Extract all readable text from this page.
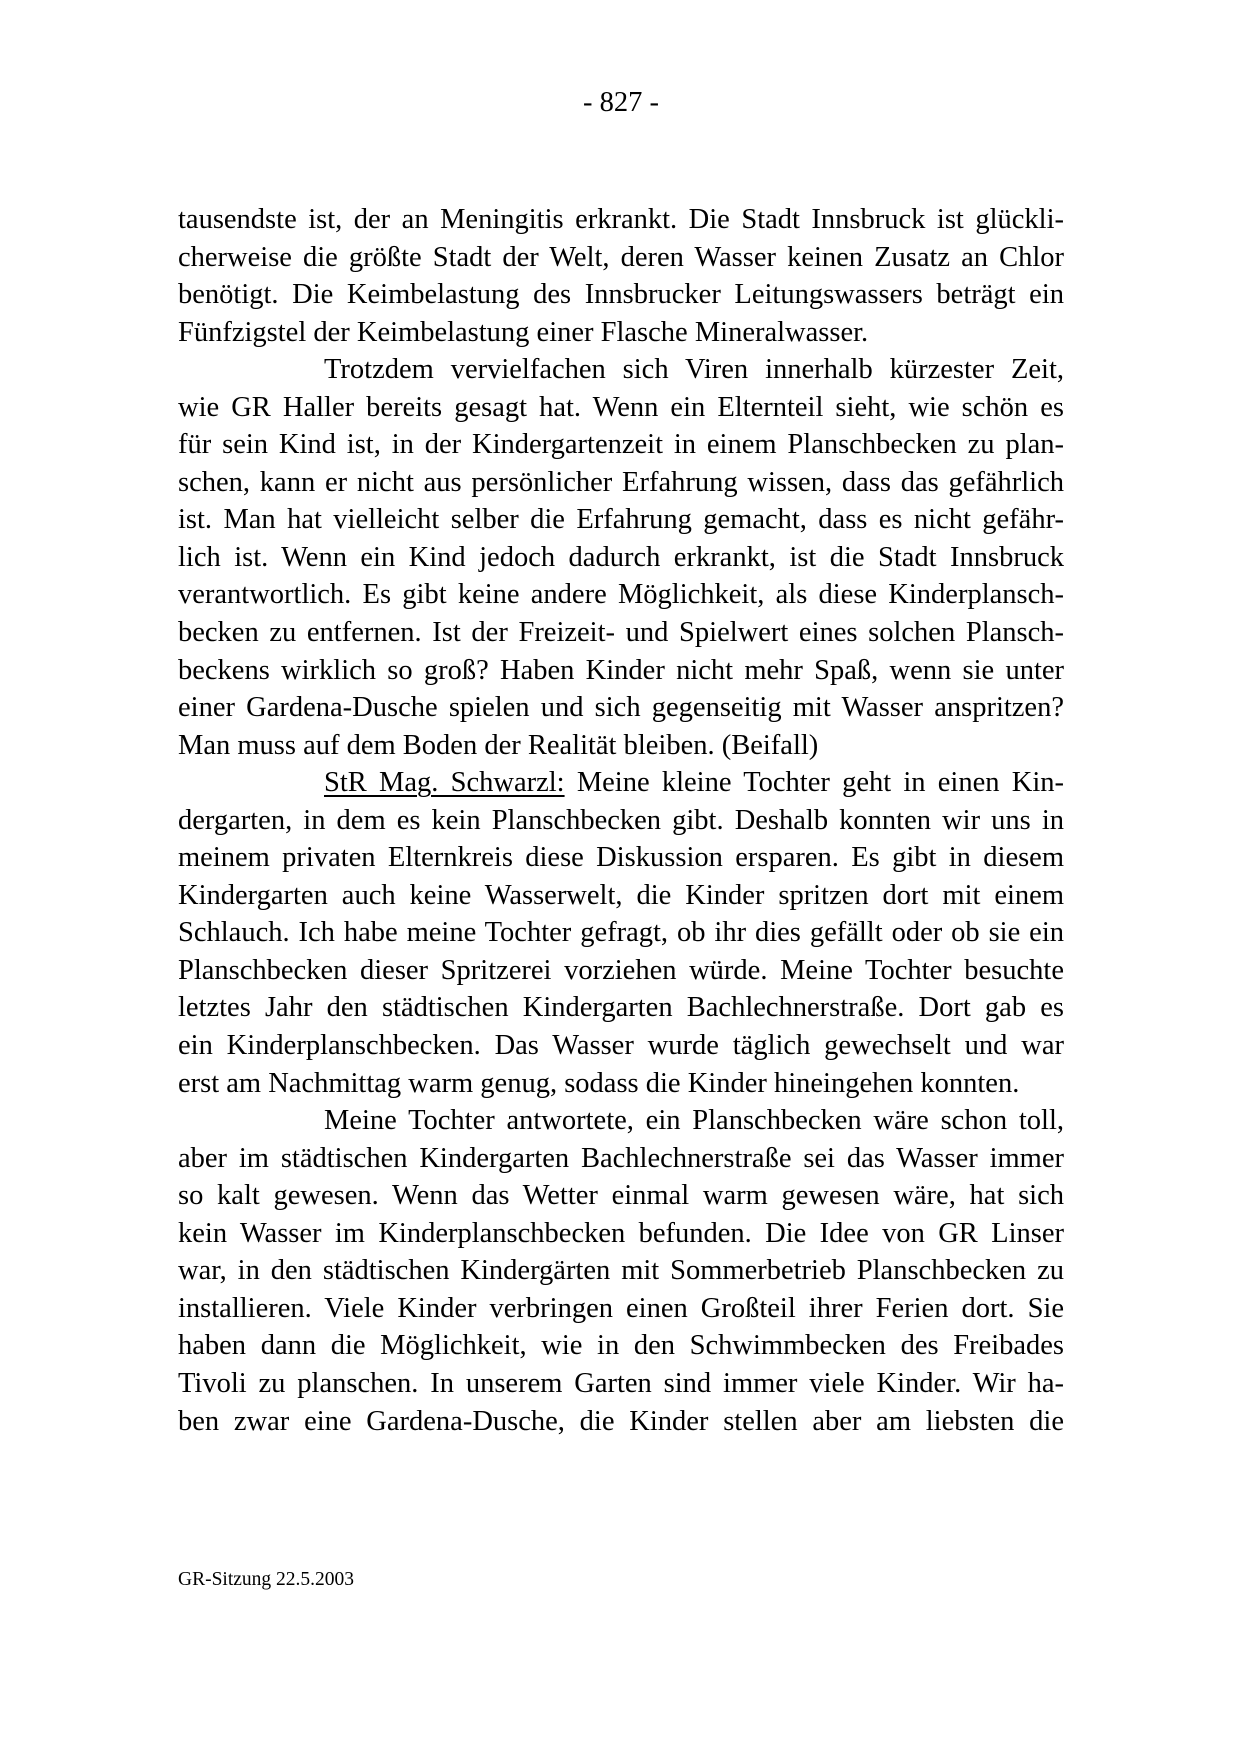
- 827 -
tausendste ist, der an Meningitis erkrankt. Die Stadt Innsbruck ist glückli-
cherweise die größte Stadt der Welt, deren Wasser keinen Zusatz an Chlor
benötigt. Die Keimbelastung des Innsbrucker Leitungswassers beträgt ein
Fünfzigstel der Keimbelastung einer Flasche Mineralwasser.
Trotzdem vervielfachen sich Viren innerhalb kürzester Zeit,
wie GR Haller bereits gesagt hat. Wenn ein Elternteil sieht, wie schön es
für sein Kind ist, in der Kindergartenzeit in einem Planschbecken zu plan-
schen, kann er nicht aus persönlicher Erfahrung wissen, dass das gefährlich
ist. Man hat vielleicht selber die Erfahrung gemacht, dass es nicht gefähr-
lich ist. Wenn ein Kind jedoch dadurch erkrankt, ist die Stadt Innsbruck
verantwortlich. Es gibt keine andere Möglichkeit, als diese Kinderplansch-
becken zu entfernen. Ist der Freizeit- und Spielwert eines solchen Plansch-
beckens wirklich so groß? Haben Kinder nicht mehr Spaß, wenn sie unter
einer Gardena-Dusche spielen und sich gegenseitig mit Wasser anspritzen?
Man muss auf dem Boden der Realität bleiben. (Beifall)
StR Mag. Schwarzl: Meine kleine Tochter geht in einen Kin-
dergarten, in dem es kein Planschbecken gibt. Deshalb konnten wir uns in
meinem privaten Elternkreis diese Diskussion ersparen. Es gibt in diesem
Kindergarten auch keine Wasserwelt, die Kinder spritzen dort mit einem
Schlauch. Ich habe meine Tochter gefragt, ob ihr dies gefällt oder ob sie ein
Planschbecken dieser Spritzerei vorziehen würde. Meine Tochter besuchte
letztes Jahr den städtischen Kindergarten Bachlechnerstraße. Dort gab es
ein Kinderplanschbecken. Das Wasser wurde täglich gewechselt und war
erst am Nachmittag warm genug, sodass die Kinder hineingehen konnten.
Meine Tochter antwortete, ein Planschbecken wäre schon toll,
aber im städtischen Kindergarten Bachlechnerstraße sei das Wasser immer
so kalt gewesen. Wenn das Wetter einmal warm gewesen wäre, hat sich
kein Wasser im Kinderplanschbecken befunden. Die Idee von GR Linser
war, in den städtischen Kindergärten mit Sommerbetrieb Planschbecken zu
installieren. Viele Kinder verbringen einen Großteil ihrer Ferien dort. Sie
haben dann die Möglichkeit, wie in den Schwimmbecken des Freibades
Tivoli zu planschen. In unserem Garten sind immer viele Kinder. Wir ha-
ben zwar eine Gardena-Dusche, die Kinder stellen aber am liebsten die
GR-Sitzung 22.5.2003
